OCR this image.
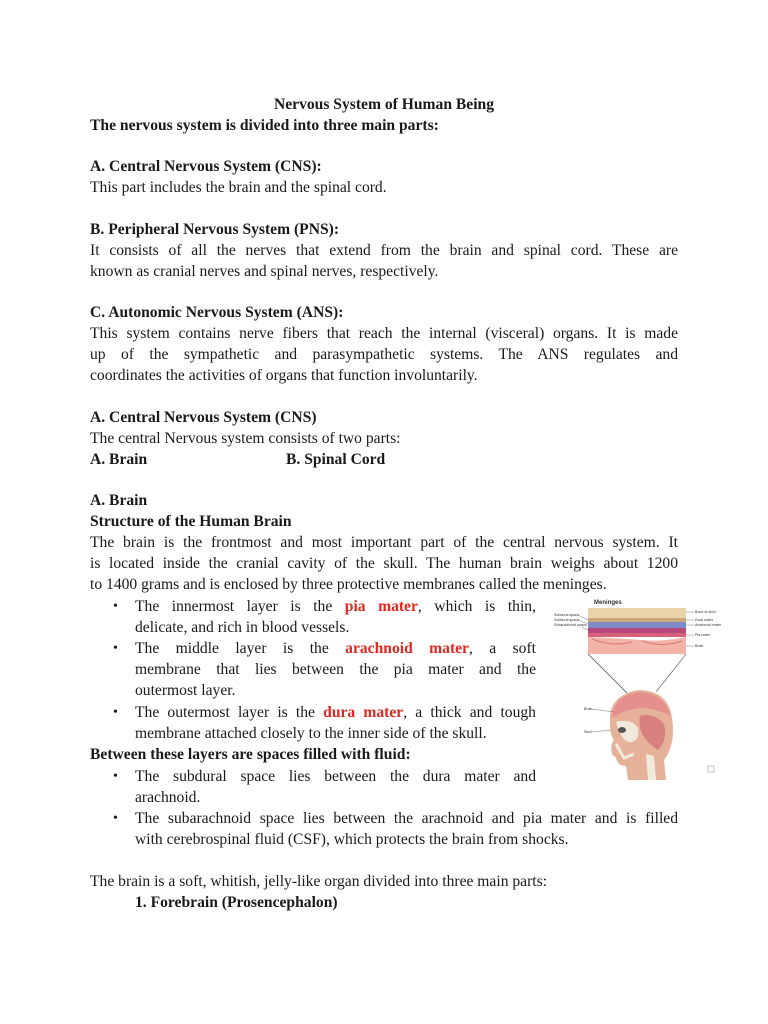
Nervous System of Human Being
The nervous system is divided into three main parts:
A. Central Nervous System (CNS):
This part includes the brain and the spinal cord.
B. Peripheral Nervous System (PNS):
It consists of all the nerves that extend from the brain and spinal cord. These are
known as cranial nerves and spinal nerves, respectively.
C. Autonomic Nervous System (ANS):
This system contains nerve fibers that reach the internal (visceral) organs. It is made
up of the sympathetic and parasympathetic systems. The ANS regulates and
coordinates the activities of organs that function involuntarily.
A. Central Nervous System (CNS)
The central Nervous system consists of two parts:
A. Brain	B. Spinal Cord
A. Brain
Structure of the Human Brain
The brain is the frontmost and most important part of the central nervous system. It
is located inside the cranial cavity of the skull. The human brain weighs about 1200
to 1400 grams and is enclosed by three protective membranes called the meninges.
• The innermost layer is the pia mater, which is thin,
delicate, and rich in blood vessels.
• The middle layer is the arachnoid mater, a soft
membrane that lies between the pia mater and the
outermost layer.
• The outermost layer is the dura mater, a thick and tough
membrane attached closely to the inner side of the skull.
Between these layers are spaces filled with fluid:
• The subdural space lies between the dura mater and
arachnoid.
• The subarachnoid space lies between the arachnoid and pia mater and is filled
with cerebrospinal fluid (CSF), which protects the brain from shocks.
The brain is a soft, whitish, jelly-like organ divided into three main parts:
1. Forebrain (Prosencephalon)
Meninges
Bone of skull
Dura mater
Arachnoid mater
Pia mater
Brain
Subdural space
Subdural space
Subarachnoid space
Brain
Skull
